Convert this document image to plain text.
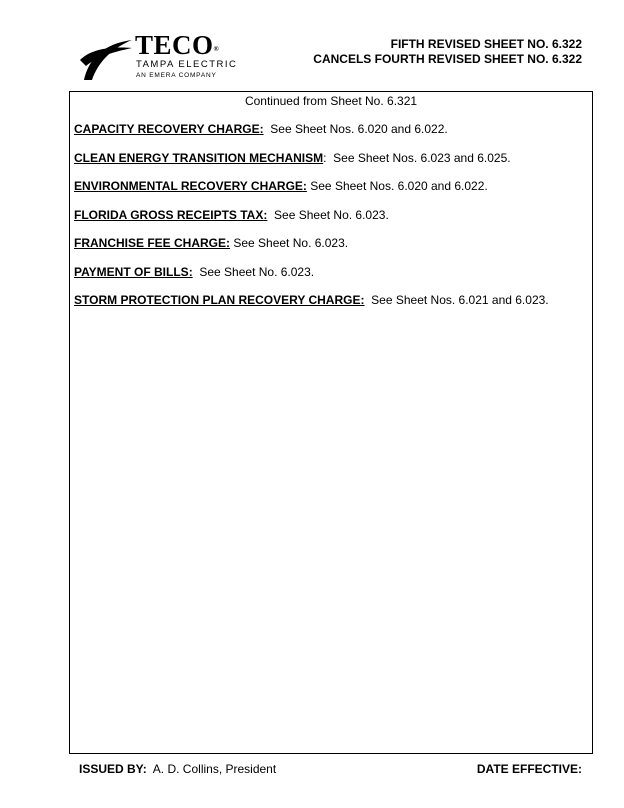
TECO®
TAMPA ELECTRIC
AN EMERA COMPANY
FIFTH REVISED SHEET NO. 6.322
CANCELS FOURTH REVISED SHEET NO. 6.322
Continued from Sheet No. 6.321
CAPACITY RECOVERY CHARGE:  See Sheet Nos. 6.020 and 6.022.
CLEAN ENERGY TRANSITION MECHANISM:  See Sheet Nos. 6.023 and 6.025.
ENVIRONMENTAL RECOVERY CHARGE: See Sheet Nos. 6.020 and 6.022.
FLORIDA GROSS RECEIPTS TAX:  See Sheet No. 6.023.
FRANCHISE FEE CHARGE: See Sheet No. 6.023.
PAYMENT OF BILLS:  See Sheet No. 6.023.
STORM PROTECTION PLAN RECOVERY CHARGE:  See Sheet Nos. 6.021 and 6.023.
ISSUED BY:  A. D. Collins, President	DATE EFFECTIVE:
